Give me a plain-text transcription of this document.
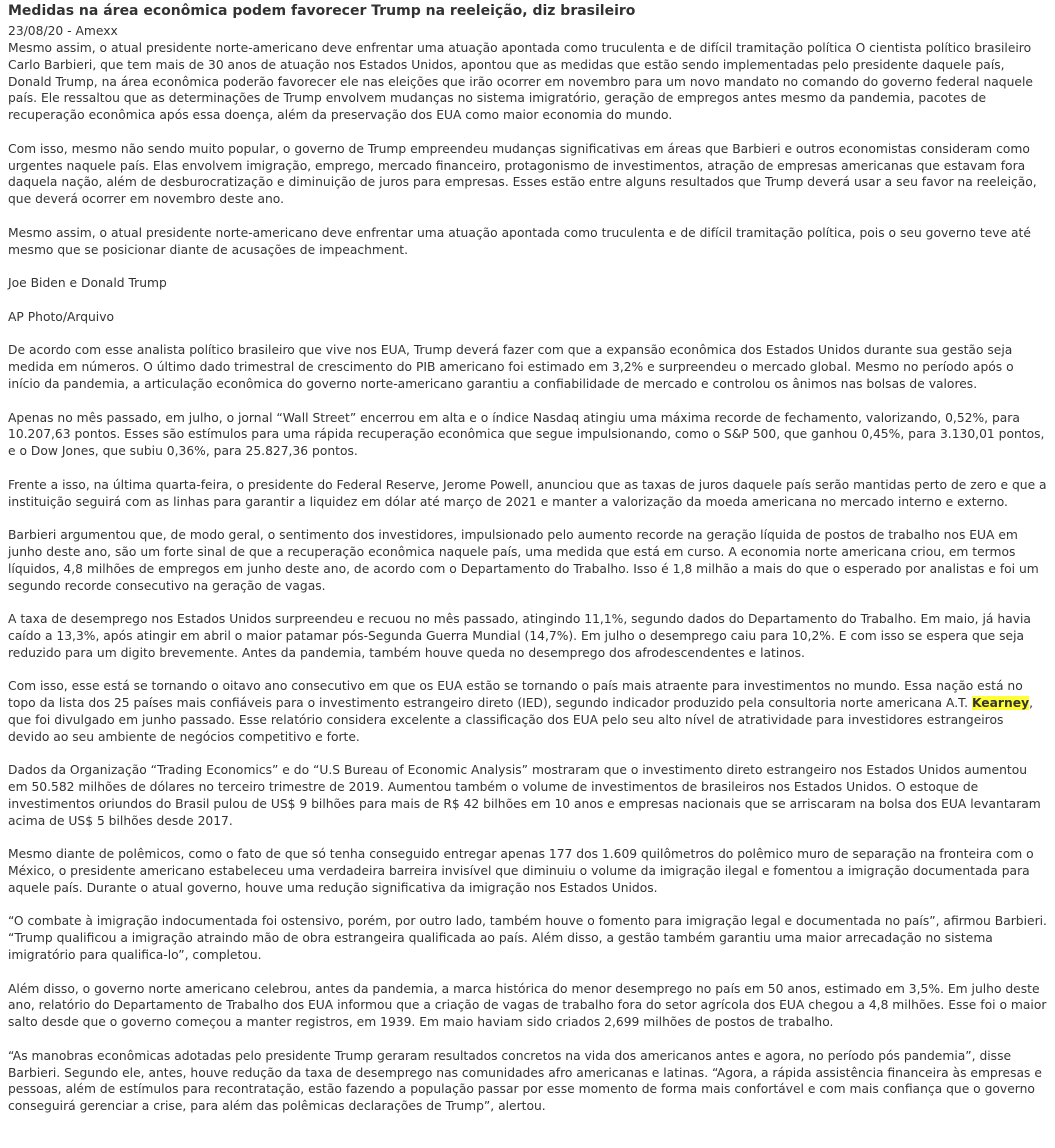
Medidas na área econômica podem favorecer Trump na reeleição, diz brasileiro
23/08/20 - Amexx

Mesmo assim, o atual presidente norte-americano deve enfrentar uma atuação apontada como truculenta e de difícil tramitação política O cientista político brasileiro Carlo Barbieri, que tem mais de 30 anos de atuação nos Estados Unidos, apontou que as medidas que estão sendo implementadas pelo presidente daquele país, Donald Trump, na área econômica poderão favorecer ele nas eleições que irão ocorrer em novembro para um novo mandato no comando do governo federal naquele país. Ele ressaltou que as determinações de Trump envolvem mudanças no sistema imigratório, geração de empregos antes mesmo da pandemia, pacotes de recuperação econômica após essa doença, além da preservação dos EUA como maior economia do mundo.

Com isso, mesmo não sendo muito popular, o governo de Trump empreendeu mudanças significativas em áreas que Barbieri e outros economistas consideram como urgentes naquele país. Elas envolvem imigração, emprego, mercado financeiro, protagonismo de investimentos, atração de empresas americanas que estavam fora daquela nação, além de desburocratização e diminuição de juros para empresas. Esses estão entre alguns resultados que Trump deverá usar a seu favor na reeleição, que deverá ocorrer em novembro deste ano.

Mesmo assim, o atual presidente norte-americano deve enfrentar uma atuação apontada como truculenta e de difícil tramitação política, pois o seu governo teve até mesmo que se posicionar diante de acusações de impeachment.

Joe Biden e Donald Trump

AP Photo/Arquivo

De acordo com esse analista político brasileiro que vive nos EUA, Trump deverá fazer com que a expansão econômica dos Estados Unidos durante sua gestão seja medida em números. O último dado trimestral de crescimento do PIB americano foi estimado em 3,2% e surpreendeu o mercado global. Mesmo no período após o início da pandemia, a articulação econômica do governo norte-americano garantiu a confiabilidade de mercado e controlou os ânimos nas bolsas de valores.

Apenas no mês passado, em julho, o jornal “Wall Street” encerrou em alta e o índice Nasdaq atingiu uma máxima recorde de fechamento, valorizando, 0,52%, para 10.207,63 pontos. Esses são estímulos para uma rápida recuperação econômica que segue impulsionando, como o S&P 500, que ganhou 0,45%, para 3.130,01 pontos, e o Dow Jones, que subiu 0,36%, para 25.827,36 pontos.

Frente a isso, na última quarta-feira, o presidente do Federal Reserve, Jerome Powell, anunciou que as taxas de juros daquele país serão mantidas perto de zero e que a instituição seguirá com as linhas para garantir a liquidez em dólar até março de 2021 e manter a valorização da moeda americana no mercado interno e externo.

Barbieri argumentou que, de modo geral, o sentimento dos investidores, impulsionado pelo aumento recorde na geração líquida de postos de trabalho nos EUA em junho deste ano, são um forte sinal de que a recuperação econômica naquele país, uma medida que está em curso. A economia norte americana criou, em termos líquidos, 4,8 milhões de empregos em junho deste ano, de acordo com o Departamento do Trabalho. Isso é 1,8 milhão a mais do que o esperado por analistas e foi um segundo recorde consecutivo na geração de vagas.

A taxa de desemprego nos Estados Unidos surpreendeu e recuou no mês passado, atingindo 11,1%, segundo dados do Departamento do Trabalho. Em maio, já havia caído a 13,3%, após atingir em abril o maior patamar pós-Segunda Guerra Mundial (14,7%). Em julho o desemprego caiu para 10,2%. E com isso se espera que seja reduzido para um digito brevemente. Antes da pandemia, também houve queda no desemprego dos afrodescendentes e latinos.

Com isso, esse está se tornando o oitavo ano consecutivo em que os EUA estão se tornando o país mais atraente para investimentos no mundo. Essa nação está no topo da lista dos 25 países mais confiáveis para o investimento estrangeiro direto (IED), segundo indicador produzido pela consultoria norte americana A.T. Kearney, que foi divulgado em junho passado. Esse relatório considera excelente a classificação dos EUA pelo seu alto nível de atratividade para investidores estrangeiros devido ao seu ambiente de negócios competitivo e forte.

Dados da Organização “Trading Economics” e do “U.S Bureau of Economic Analysis” mostraram que o investimento direto estrangeiro nos Estados Unidos aumentou em 50.582 milhões de dólares no terceiro trimestre de 2019. Aumentou também o volume de investimentos de brasileiros nos Estados Unidos. O estoque de investimentos oriundos do Brasil pulou de US$ 9 bilhões para mais de R$ 42 bilhões em 10 anos e empresas nacionais que se arriscaram na bolsa dos EUA levantaram acima de US$ 5 bilhões desde 2017.

Mesmo diante de polêmicos, como o fato de que só tenha conseguido entregar apenas 177 dos 1.609 quilômetros do polêmico muro de separação na fronteira com o México, o presidente americano estabeleceu uma verdadeira barreira invisível que diminuiu o volume da imigração ilegal e fomentou a imigração documentada para aquele país. Durante o atual governo, houve uma redução significativa da imigração nos Estados Unidos.

“O combate à imigração indocumentada foi ostensivo, porém, por outro lado, também houve o fomento para imigração legal e documentada no país”, afirmou Barbieri. “Trump qualificou a imigração atraindo mão de obra estrangeira qualificada ao país. Além disso, a gestão também garantiu uma maior arrecadação no sistema imigratório para qualifica-lo”, completou.

Além disso, o governo norte americano celebrou, antes da pandemia, a marca histórica do menor desemprego no país em 50 anos, estimado em 3,5%. Em julho deste ano, relatório do Departamento de Trabalho dos EUA informou que a criação de vagas de trabalho fora do setor agrícola dos EUA chegou a 4,8 milhões. Esse foi o maior salto desde que o governo começou a manter registros, em 1939. Em maio haviam sido criados 2,699 milhões de postos de trabalho.

“As manobras econômicas adotadas pelo presidente Trump geraram resultados concretos na vida dos americanos antes e agora, no período pós pandemia”, disse Barbieri. Segundo ele, antes, houve redução da taxa de desemprego nas comunidades afro americanas e latinas. “Agora, a rápida assistência financeira às empresas e pessoas, além de estímulos para recontratação, estão fazendo a população passar por esse momento de forma mais confortável e com mais confiança que o governo conseguirá gerenciar a crise, para além das polêmicas declarações de Trump”, alertou.
